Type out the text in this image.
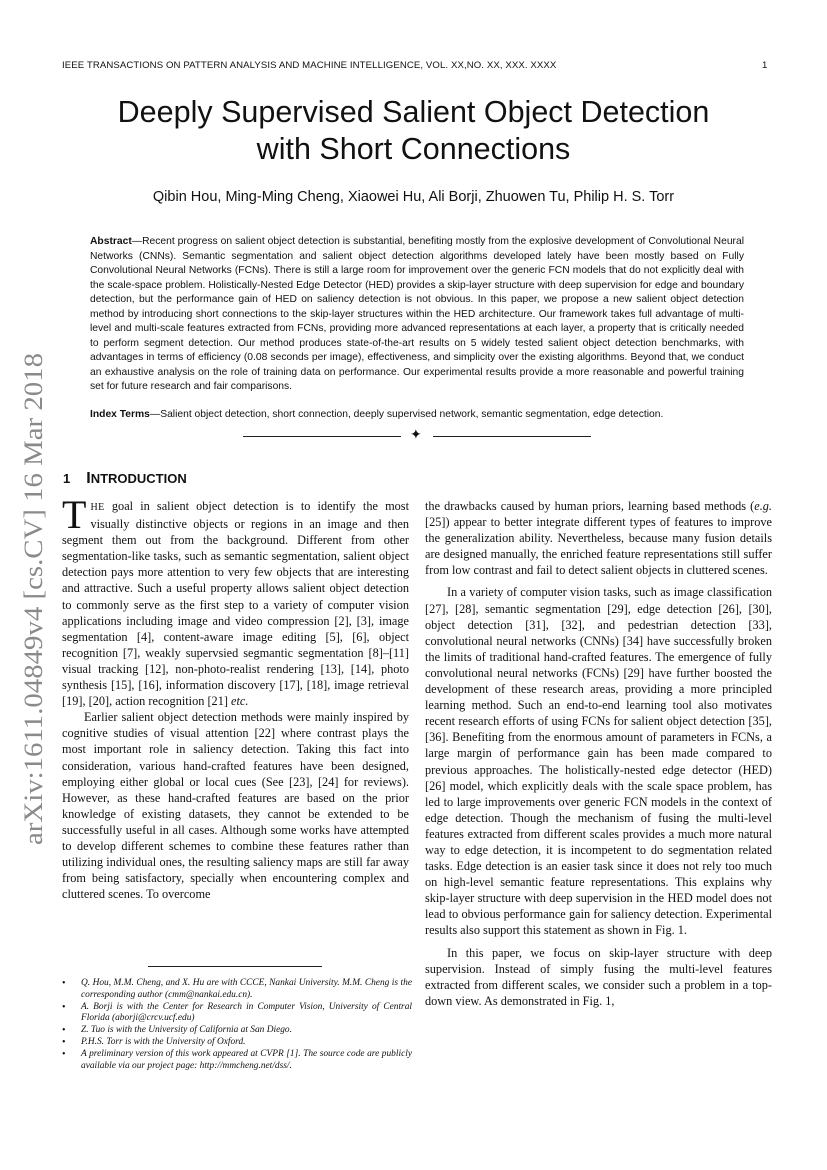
IEEE TRANSACTIONS ON PATTERN ANALYSIS AND MACHINE INTELLIGENCE, VOL. XX,NO. XX, XXX. XXXX	1
Deeply Supervised Salient Object Detection
with Short Connections
Qibin Hou, Ming-Ming Cheng, Xiaowei Hu, Ali Borji, Zhuowen Tu, Philip H. S. Torr
Abstract—Recent progress on salient object detection is substantial, benefiting mostly from the explosive development of Convolutional Neural Networks (CNNs). Semantic segmentation and salient object detection algorithms developed lately have been mostly based on Fully Convolutional Neural Networks (FCNs). There is still a large room for improvement over the generic FCN models that do not explicitly deal with the scale-space problem. Holistically-Nested Edge Detector (HED) provides a skip-layer structure with deep supervision for edge and boundary detection, but the performance gain of HED on saliency detection is not obvious. In this paper, we propose a new salient object detection method by introducing short connections to the skip-layer structures within the HED architecture. Our framework takes full advantage of multi-level and multi-scale features extracted from FCNs, providing more advanced representations at each layer, a property that is critically needed to perform segment detection. Our method produces state-of-the-art results on 5 widely tested salient object detection benchmarks, with advantages in terms of efficiency (0.08 seconds per image), effectiveness, and simplicity over the existing algorithms. Beyond that, we conduct an exhaustive analysis on the role of training data on performance. Our experimental results provide a more reasonable and powerful training set for future research and fair comparisons.
Index Terms—Salient object detection, short connection, deeply supervised network, semantic segmentation, edge detection.
✦
arXiv:1611.04849v4 [cs.CV] 16 Mar 2018 1 INTRODUCTION

THE goal in salient object detection is to identify the most visually distinctive objects or regions in an image and then segment them out from the background. Different from other segmentation-like tasks, such as semantic segmentation, salient object detection pays more attention to very few objects that are interesting and attractive. Such a useful property allows salient object detection to commonly serve as the first step to a variety of computer vision applications including image and video compression [2], [3], image segmentation [4], content-aware image editing [5], [6], object recognition [7], weakly supervsied segmantic segmentation [8]–[11] visual tracking [12], non-photo-realist rendering [13], [14], photo synthesis [15], [16], information discovery [17], [18], image retrieval [19], [20], action recognition [21] etc.

Earlier salient object detection methods were mainly inspired by cognitive studies of visual attention [22] where contrast plays the most important role in saliency detection. Taking this fact into consideration, various hand-crafted features have been designed, employing either global or local cues (See [23], [24] for reviews). However, as these hand-crafted features are based on the prior knowledge of existing datasets, they cannot be extended to be successfully useful in all cases. Although some works have attempted to develop different schemes to combine these features rather than utilizing individual ones, the resulting saliency maps are still far away from being satisfactory, specially when encountering complex and cluttered scenes. To overcome

• Q. Hou, M.M. Cheng, and X. Hu are with CCCE, Nankai University. M.M. Cheng is the corresponding author (cmm@nankai.edu.cn).
• A. Borji is with the Center for Research in Computer Vision, University of Central Florida (aborji@crcv.ucf.edu)
• Z. Tuo is with the University of California at San Diego.
• P.H.S. Torr is with the University of Oxford.
• A preliminary version of this work appeared at CVPR [1]. The source code are publicly available via our project page: http://mmcheng.net/dss/.

the drawbacks caused by human priors, learning based methods (e.g. [25]) appear to better integrate different types of features to improve the generalization ability. Nevertheless, because many fusion details are designed manually, the enriched feature representations still suffer from low contrast and fail to detect salient objects in cluttered scenes.

In a variety of computer vision tasks, such as image classification [27], [28], semantic segmentation [29], edge detection [26], [30], object detection [31], [32], and pedestrian detection [33], convolutional neural networks (CNNs) [34] have successfully broken the limits of traditional hand-crafted features. The emergence of fully convolutional neural networks (FCNs) [29] have further boosted the development of these research areas, providing a more principled learning method. Such an end-to-end learning tool also motivates recent research efforts of using FCNs for salient object detection [35], [36]. Benefiting from the enormous amount of parameters in FCNs, a large margin of performance gain has been made compared to previous approaches. The holistically-nested edge detector (HED) [26] model, which explicitly deals with the scale space problem, has led to large improvements over generic FCN models in the context of edge detection. Though the mechanism of fusing the multi-level features extracted from different scales provides a much more natural way to edge detection, it is incompetent to do segmentation related tasks. Edge detection is an easier task since it does not rely too much on high-level semantic feature representations. This explains why skip-layer structure with deep supervision in the HED model does not lead to obvious performance gain for saliency detection. Experimental results also support this statement as shown in Fig. 1.

In this paper, we focus on skip-layer structure with deep supervision. Instead of simply fusing the multi-level features extracted from different scales, we consider such a problem in a top-down view. As demonstrated in Fig. 1,
